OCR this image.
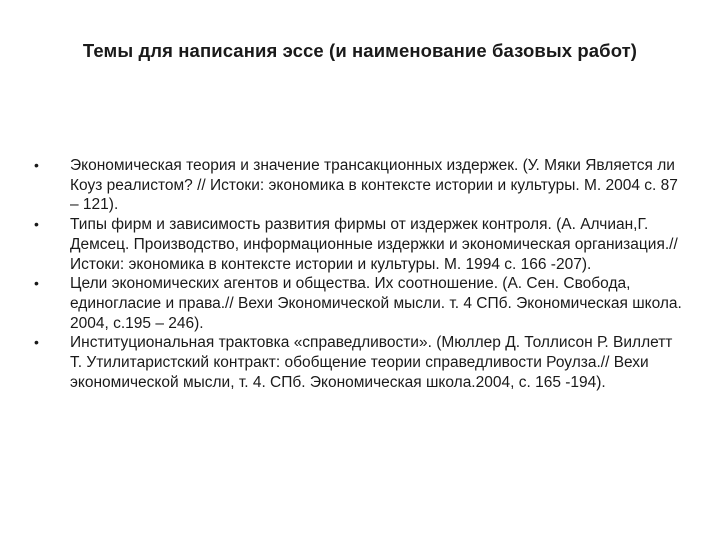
Темы для написания эссе (и наименование базовых работ)
• Экономическая теория и значение трансакционных издержек. (У. Мяки Является ли Коуз реалистом? // Истоки: экономика в контексте истории и культуры. М. 2004 с. 87 – 121).
• Типы фирм и зависимость развития фирмы от издержек контроля. (А. Алчиан,Г. Демсец. Производство, информационные издержки и экономическая организация.// Истоки: экономика в контексте истории и культуры. М. 1994 с. 166 -207).
• Цели экономических агентов и общества. Их соотношение. (А. Сен. Свобода, единогласие и права.// Вехи Экономической мысли. т. 4 СПб. Экономическая школа. 2004, с.195 – 246).
• Институциональная трактовка «справедливости». (Мюллер Д. Толлисон Р. Виллетт Т. Утилитаристский контракт: обобщение теории справедливости Роулза.// Вехи экономической мысли, т. 4. СПб. Экономическая школа.2004, с. 165 -194).
